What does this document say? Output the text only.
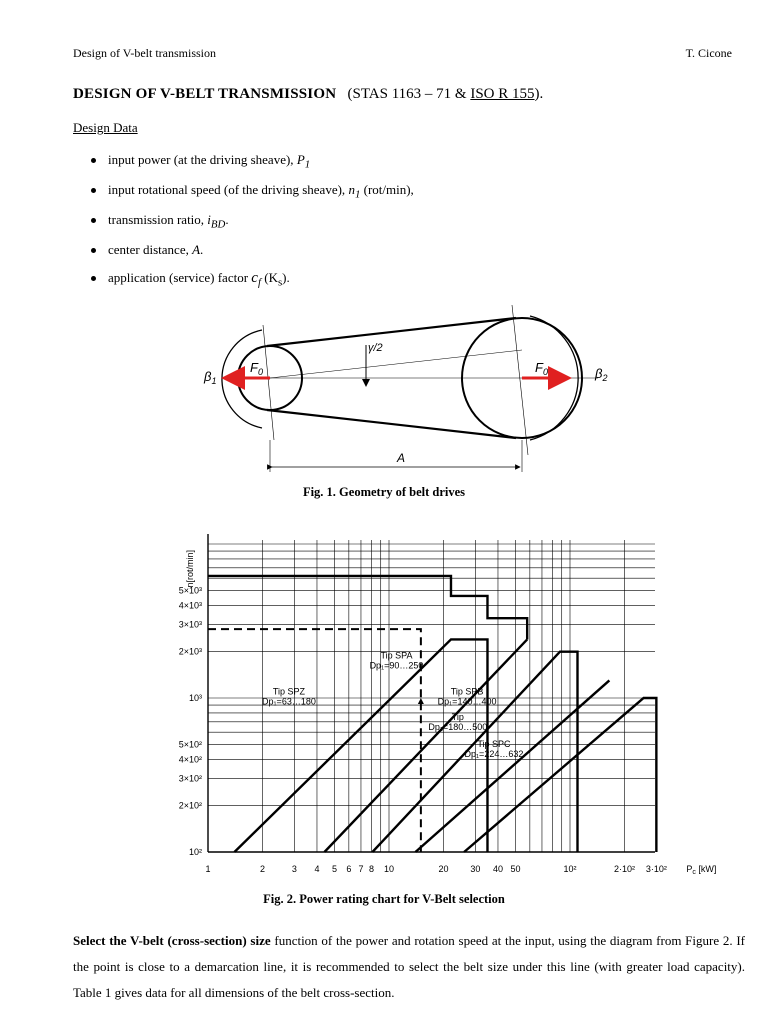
Design of V-belt transmission	T. Cicone
DESIGN OF V-BELT TRANSMISSION (STAS 1163 – 71 & ISO R 155).
Design Data
input power (at the driving sheave), $P_1$
input rotational speed (of the driving sheave), $n_1$ (rot/min),
transmission ratio, $i_{BD}$.
center distance, A.
application (service) factor $c_f$ $(K_s)$.
$\beta_1$	$\beta_2$
$F_0$	$F_0$
γ/2
A
Fig. 1. Geometry of belt drives
5×10³
4×10³
3×10³
2×10³
10³
5×10²
4×10²
3×10²
2×10²
10²
n[rot/min]
1	2	3 4 5 6 7 8 10	20 30 40 50	10²	2·10² 3·10² $P_c$ [kW]
Tip SPZ
Dp₁=63…180
Tip SPA
Dp₁=90…250
Tip SPB
Dp₁=140…400
Tip
Dp₁=180…500
Tip SPC
Dp₁=224…632
Fig. 2. Power rating chart for V-Belt selection
Select the V-belt (cross-section) size function of the power and rotation speed at the input, using the diagram from Figure 2. If the point is close to a demarcation line, it is recommended to select the belt size under this line (with greater load capacity). Table 1 gives data for all dimensions of the belt cross-section.
